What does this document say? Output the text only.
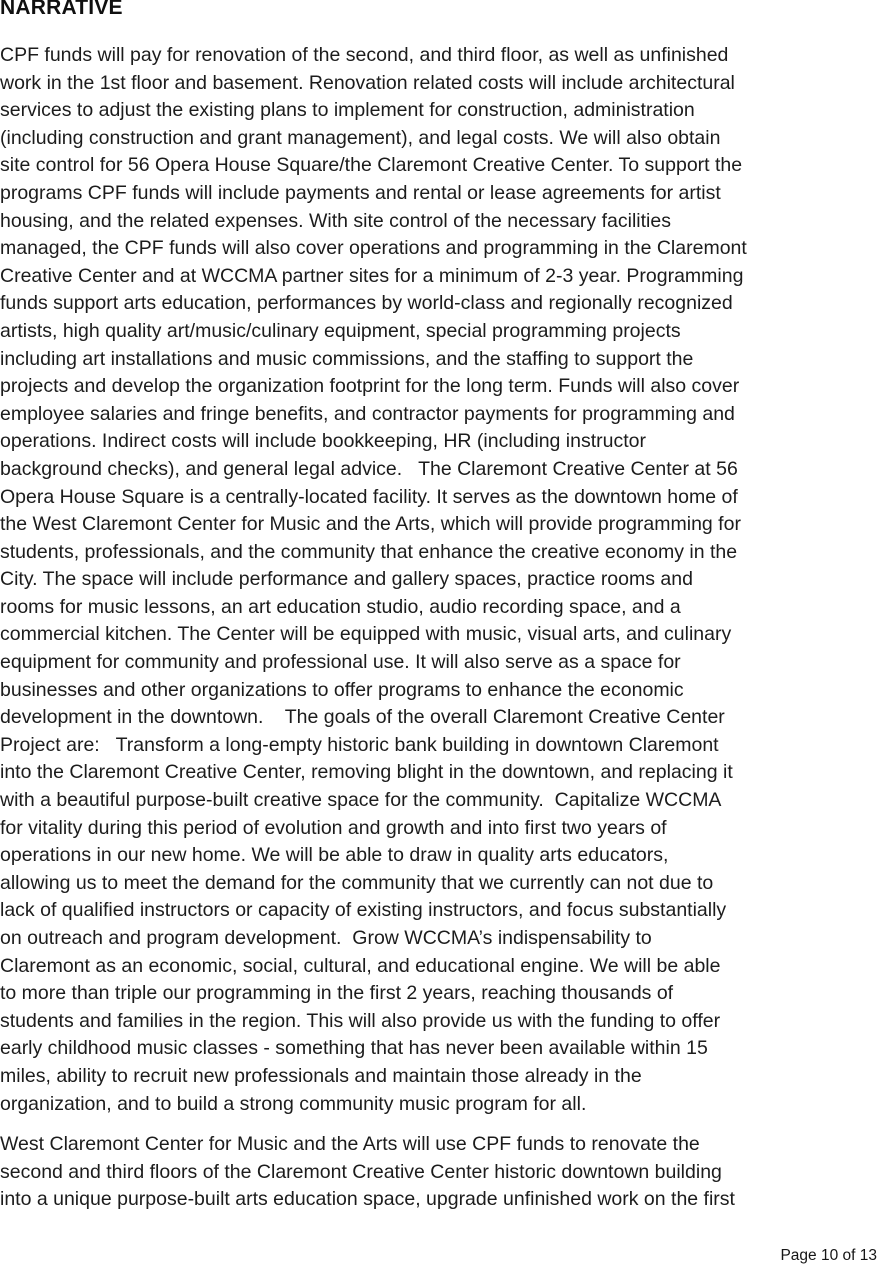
NARRATIVE
CPF funds will pay for renovation of the second, and third floor, as well as unfinished
work in the 1st floor and basement. Renovation related costs will include architectural
services to adjust the existing plans to implement for construction, administration
(including construction and grant management), and legal costs. We will also obtain
site control for 56 Opera House Square/the Claremont Creative Center. To support the
programs CPF funds will include payments and rental or lease agreements for artist
housing, and the related expenses. With site control of the necessary facilities
managed, the CPF funds will also cover operations and programming in the Claremont
Creative Center and at WCCMA partner sites for a minimum of 2-3 year. Programming
funds support arts education, performances by world-class and regionally recognized
artists, high quality art/music/culinary equipment, special programming projects
including art installations and music commissions, and the staffing to support the
projects and develop the organization footprint for the long term. Funds will also cover
employee salaries and fringe benefits, and contractor payments for programming and
operations. Indirect costs will include bookkeeping, HR (including instructor
background checks), and general legal advice.   The Claremont Creative Center at 56
Opera House Square is a centrally-located facility. It serves as the downtown home of
the West Claremont Center for Music and the Arts, which will provide programming for
students, professionals, and the community that enhance the creative economy in the
City. The space will include performance and gallery spaces, practice rooms and
rooms for music lessons, an art education studio, audio recording space, and a
commercial kitchen. The Center will be equipped with music, visual arts, and culinary
equipment for community and professional use. It will also serve as a space for
businesses and other organizations to offer programs to enhance the economic
development in the downtown.    The goals of the overall Claremont Creative Center
Project are:   Transform a long-empty historic bank building in downtown Claremont
into the Claremont Creative Center, removing blight in the downtown, and replacing it
with a beautiful purpose-built creative space for the community.  Capitalize WCCMA
for vitality during this period of evolution and growth and into first two years of
operations in our new home. We will be able to draw in quality arts educators,
allowing us to meet the demand for the community that we currently can not due to
lack of qualified instructors or capacity of existing instructors, and focus substantially
on outreach and program development.  Grow WCCMA’s indispensability to
Claremont as an economic, social, cultural, and educational engine. We will be able
to more than triple our programming in the first 2 years, reaching thousands of
students and families in the region. This will also provide us with the funding to offer
early childhood music classes - something that has never been available within 15
miles, ability to recruit new professionals and maintain those already in the
organization, and to build a strong community music program for all.
West Claremont Center for Music and the Arts will use CPF funds to renovate the
second and third floors of the Claremont Creative Center historic downtown building
into a unique purpose-built arts education space, upgrade unfinished work on the first
Page 10 of 13
